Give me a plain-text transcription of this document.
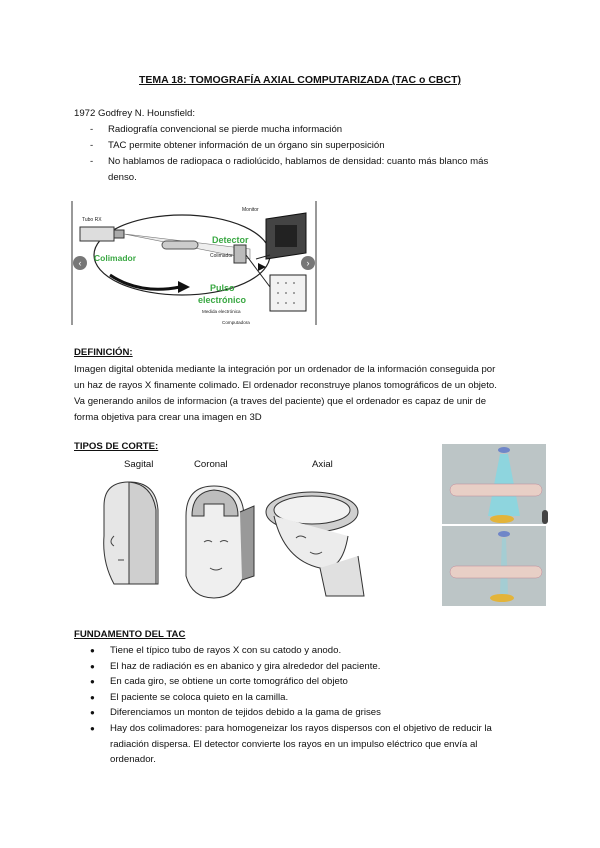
TEMA 18: TOMOGRAFÍA AXIAL COMPUTARIZADA (TAC o CBCT)
1972 Godfrey N. Hounsfield:
- Radiografía convencional se pierde mucha información
- TAC permite obtener información de un órgano sin superposición
- No hablamos de radiopaca o radiolúcido, hablamos de densidad: cuanto más blanco más
denso.
Tubo RX
Colimador
Detector
Colimador
Pulso
electrónico
Medida electrónica
Monitor
Computadora
‹	›
DEFINICIÓN:
Imagen digital obtenida mediante la integración por un ordenador de la información conseguida por
un haz de rayos X finamente colimado. El ordenador reconstruye planos tomográficos de un objeto.
Va generando anilos de informacion (a traves del paciente) que el ordenador es capaz de unir de
forma objetiva para crear una imagen en 3D
TIPOS DE CORTE:
Sagital	Coronal	Axial
FUNDAMENTO DEL TAC
● Tiene el típico tubo de rayos X con su catodo y anodo.
● El haz de radiación es en abanico y gira alrededor del paciente.
● En cada giro, se obtiene un corte tomográfico del objeto
● El paciente se coloca quieto en la camilla.
● Diferenciamos un monton de tejidos debido a la gama de grises
● Hay dos colimadores: para homogeneizar los rayos dispersos con el objetivo de reducir la
radiación dispersa. El detector convierte los rayos en un impulso eléctrico que envía al
ordenador.
